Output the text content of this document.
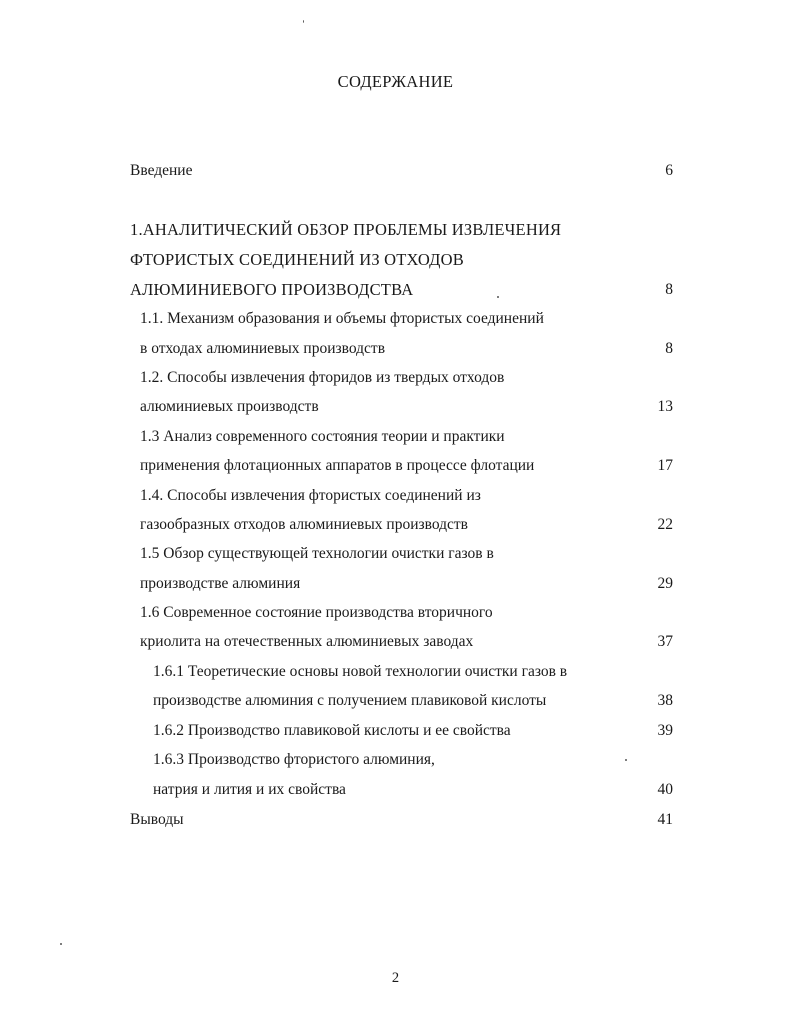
СОДЕРЖАНИЕ
Введение	6
1.АНАЛИТИЧЕСКИЙ ОБЗОР ПРОБЛЕМЫ ИЗВЛЕЧЕНИЯ
ФТОРИСТЫХ СОЕДИНЕНИЙ ИЗ ОТХОДОВ
АЛЮМИНИЕВОГО ПРОИЗВОДСТВА	8
1.1. Механизм образования и объемы фтористых соединений
в отходах алюминиевых производств	8
1.2. Способы извлечения фторидов из твердых отходов
алюминиевых производств	13
1.3 Анализ современного состояния теории и практики
применения флотационных аппаратов в процессе флотации	17
1.4. Способы извлечения фтористых соединений из
газообразных отходов алюминиевых производств	22
1.5 Обзор существующей технологии очистки газов в
производстве алюминия	29
1.6 Современное состояние производства вторичного
криолита на отечественных алюминиевых заводах	37
1.6.1 Теоретические основы новой технологии очистки газов в
производстве алюминия с получением плавиковой кислоты	38
1.6.2 Производство плавиковой кислоты и ее свойства	39
1.6.3 Производство фтористого алюминия,
натрия и лития и их свойства	40
Выводы	41
2
